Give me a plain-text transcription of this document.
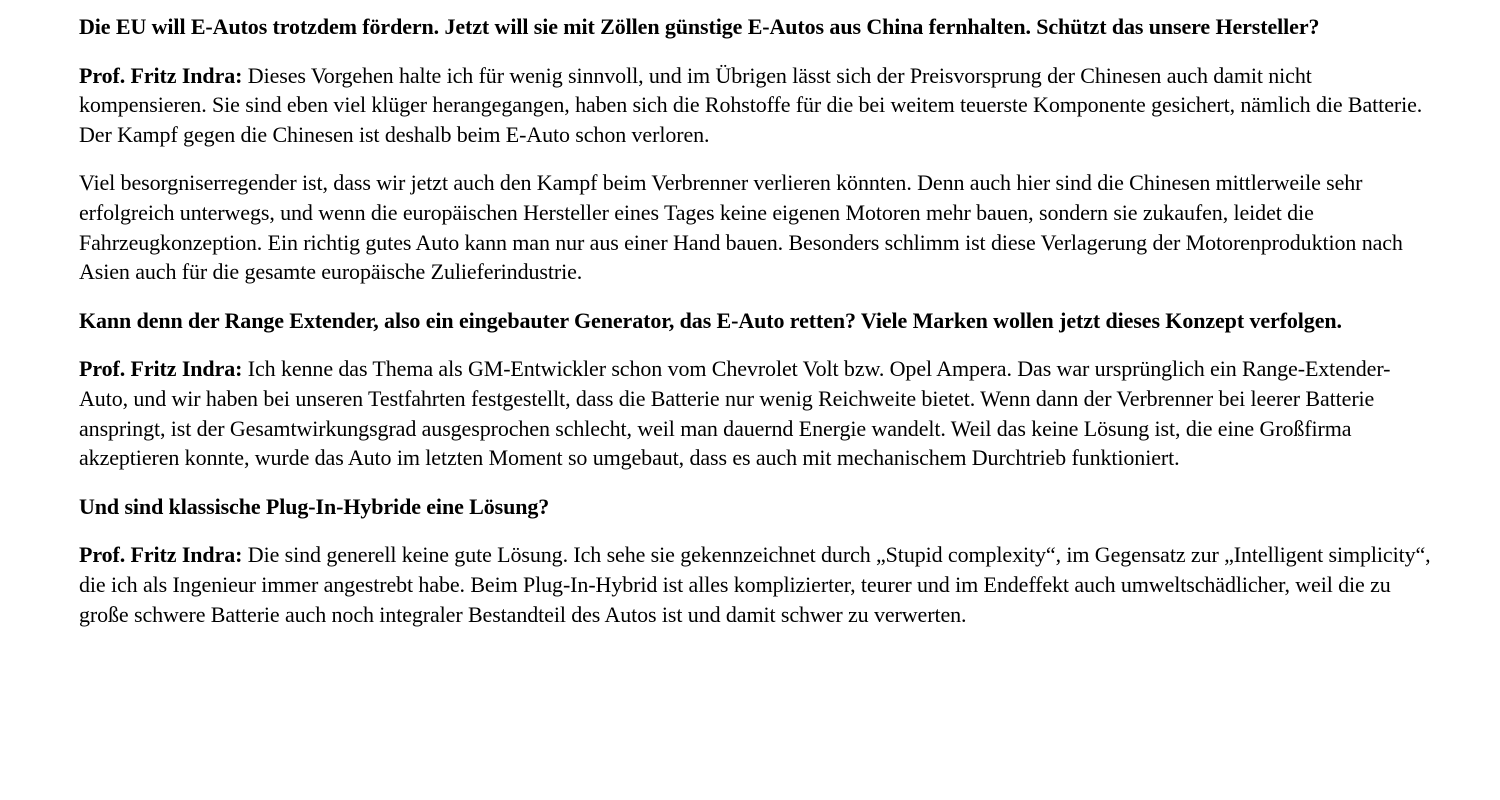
Die EU will E-Autos trotzdem fördern. Jetzt will sie mit Zöllen günstige E-Autos aus China fernhalten. Schützt das unsere Hersteller?

Prof. Fritz Indra: Dieses Vorgehen halte ich für wenig sinnvoll, und im Übrigen lässt sich der Preisvorsprung der Chinesen auch damit nicht kompensieren. Sie sind eben viel klüger herangegangen, haben sich die Rohstoffe für die bei weitem teuerste Komponente gesichert, nämlich die Batterie. Der Kampf gegen die Chinesen ist deshalb beim E-Auto schon verloren.

Viel besorgniserregender ist, dass wir jetzt auch den Kampf beim Verbrenner verlieren könnten. Denn auch hier sind die Chinesen mittlerweile sehr erfolgreich unterwegs, und wenn die europäischen Hersteller eines Tages keine eigenen Motoren mehr bauen, sondern sie zukaufen, leidet die Fahrzeugkonzeption. Ein richtig gutes Auto kann man nur aus einer Hand bauen. Besonders schlimm ist diese Verlagerung der Motorenproduktion nach Asien auch für die gesamte europäische Zulieferindustrie.

Kann denn der Range Extender, also ein eingebauter Generator, das E-Auto retten? Viele Marken wollen jetzt dieses Konzept verfolgen.

Prof. Fritz Indra: Ich kenne das Thema als GM-Entwickler schon vom Chevrolet Volt bzw. Opel Ampera. Das war ursprünglich ein Range-Extender-Auto, und wir haben bei unseren Testfahrten festgestellt, dass die Batterie nur wenig Reichweite bietet. Wenn dann der Verbrenner bei leerer Batterie anspringt, ist der Gesamtwirkungsgrad ausgesprochen schlecht, weil man dauernd Energie wandelt. Weil das keine Lösung ist, die eine Großfirma akzeptieren konnte, wurde das Auto im letzten Moment so umgebaut, dass es auch mit mechanischem Durchtrieb funktioniert.

Und sind klassische Plug-In-Hybride eine Lösung?

Prof. Fritz Indra: Die sind generell keine gute Lösung. Ich sehe sie gekennzeichnet durch „Stupid complexity“, im Gegensatz zur „Intelligent simplicity“, die ich als Ingenieur immer angestrebt habe. Beim Plug-In-Hybrid ist alles komplizierter, teurer und im Endeffekt auch umweltschädlicher, weil die zu große schwere Batterie auch noch integraler Bestandteil des Autos ist und damit schwer zu verwerten.
